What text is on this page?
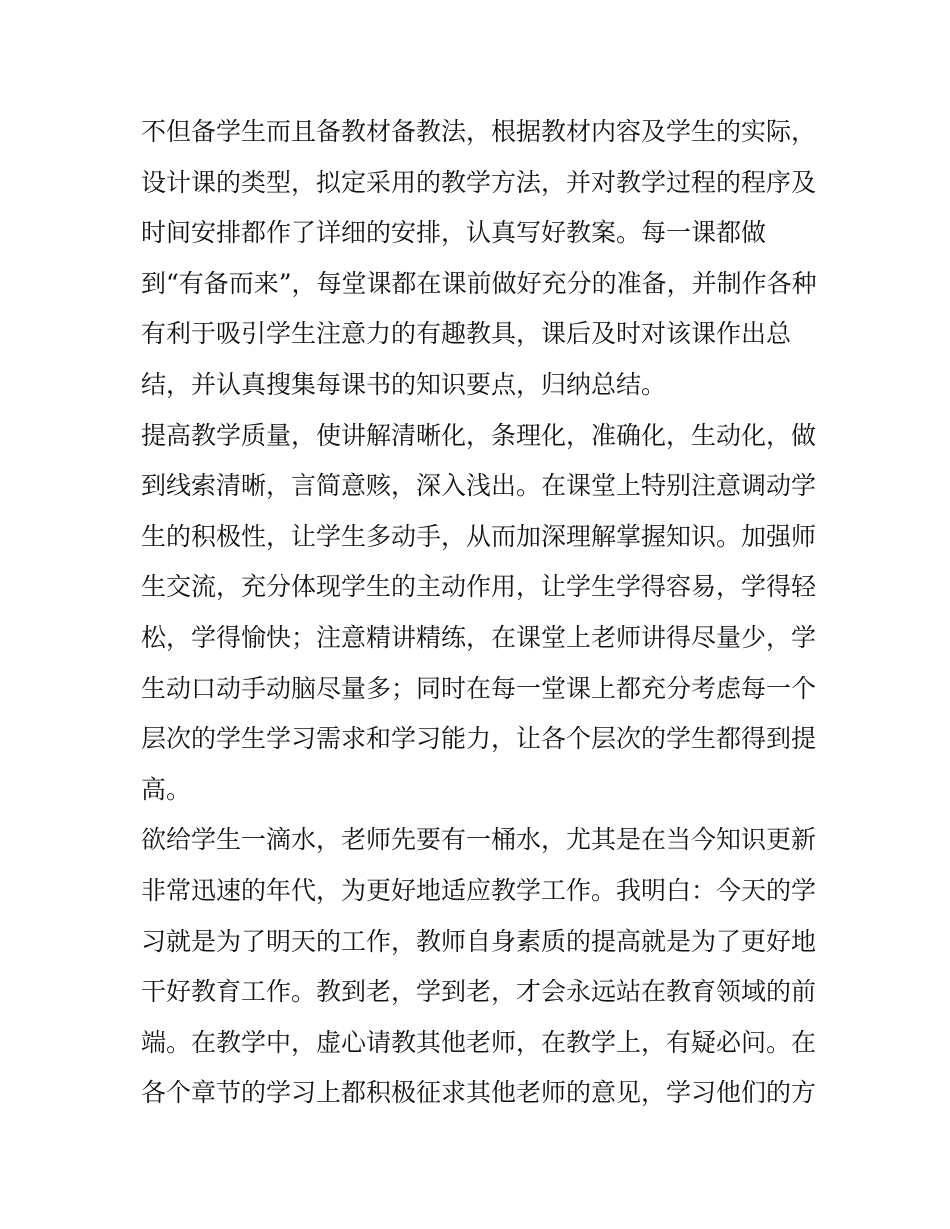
不但备学生而且备教材备教法，根据教材内容及学生的实际，
设计课的类型，拟定采用的教学方法，并对教学过程的程序及
时间安排都作了详细的安排，认真写好教案。每一课都做
到“有备而来”，每堂课都在课前做好充分的准备，并制作各种
有利于吸引学生注意力的有趣教具，课后及时对该课作出总
结，并认真搜集每课书的知识要点，归纳总结。
提高教学质量，使讲解清晰化，条理化，准确化，生动化，做
到线索清晰，言简意赅，深入浅出。在课堂上特别注意调动学
生的积极性，让学生多动手，从而加深理解掌握知识。加强师
生交流，充分体现学生的主动作用，让学生学得容易，学得轻
松，学得愉快；注意精讲精练，在课堂上老师讲得尽量少，学
生动口动手动脑尽量多；同时在每一堂课上都充分考虑每一个
层次的学生学习需求和学习能力，让各个层次的学生都得到提
高。
欲给学生一滴水，老师先要有一桶水，尤其是在当今知识更新
非常迅速的年代，为更好地适应教学工作。我明白：今天的学
习就是为了明天的工作，教师自身素质的提高就是为了更好地
干好教育工作。教到老，学到老，才会永远站在教育领域的前
端。在教学中，虚心请教其他老师，在教学上，有疑必问。在
各个章节的学习上都积极征求其他老师的意见，学习他们的方
